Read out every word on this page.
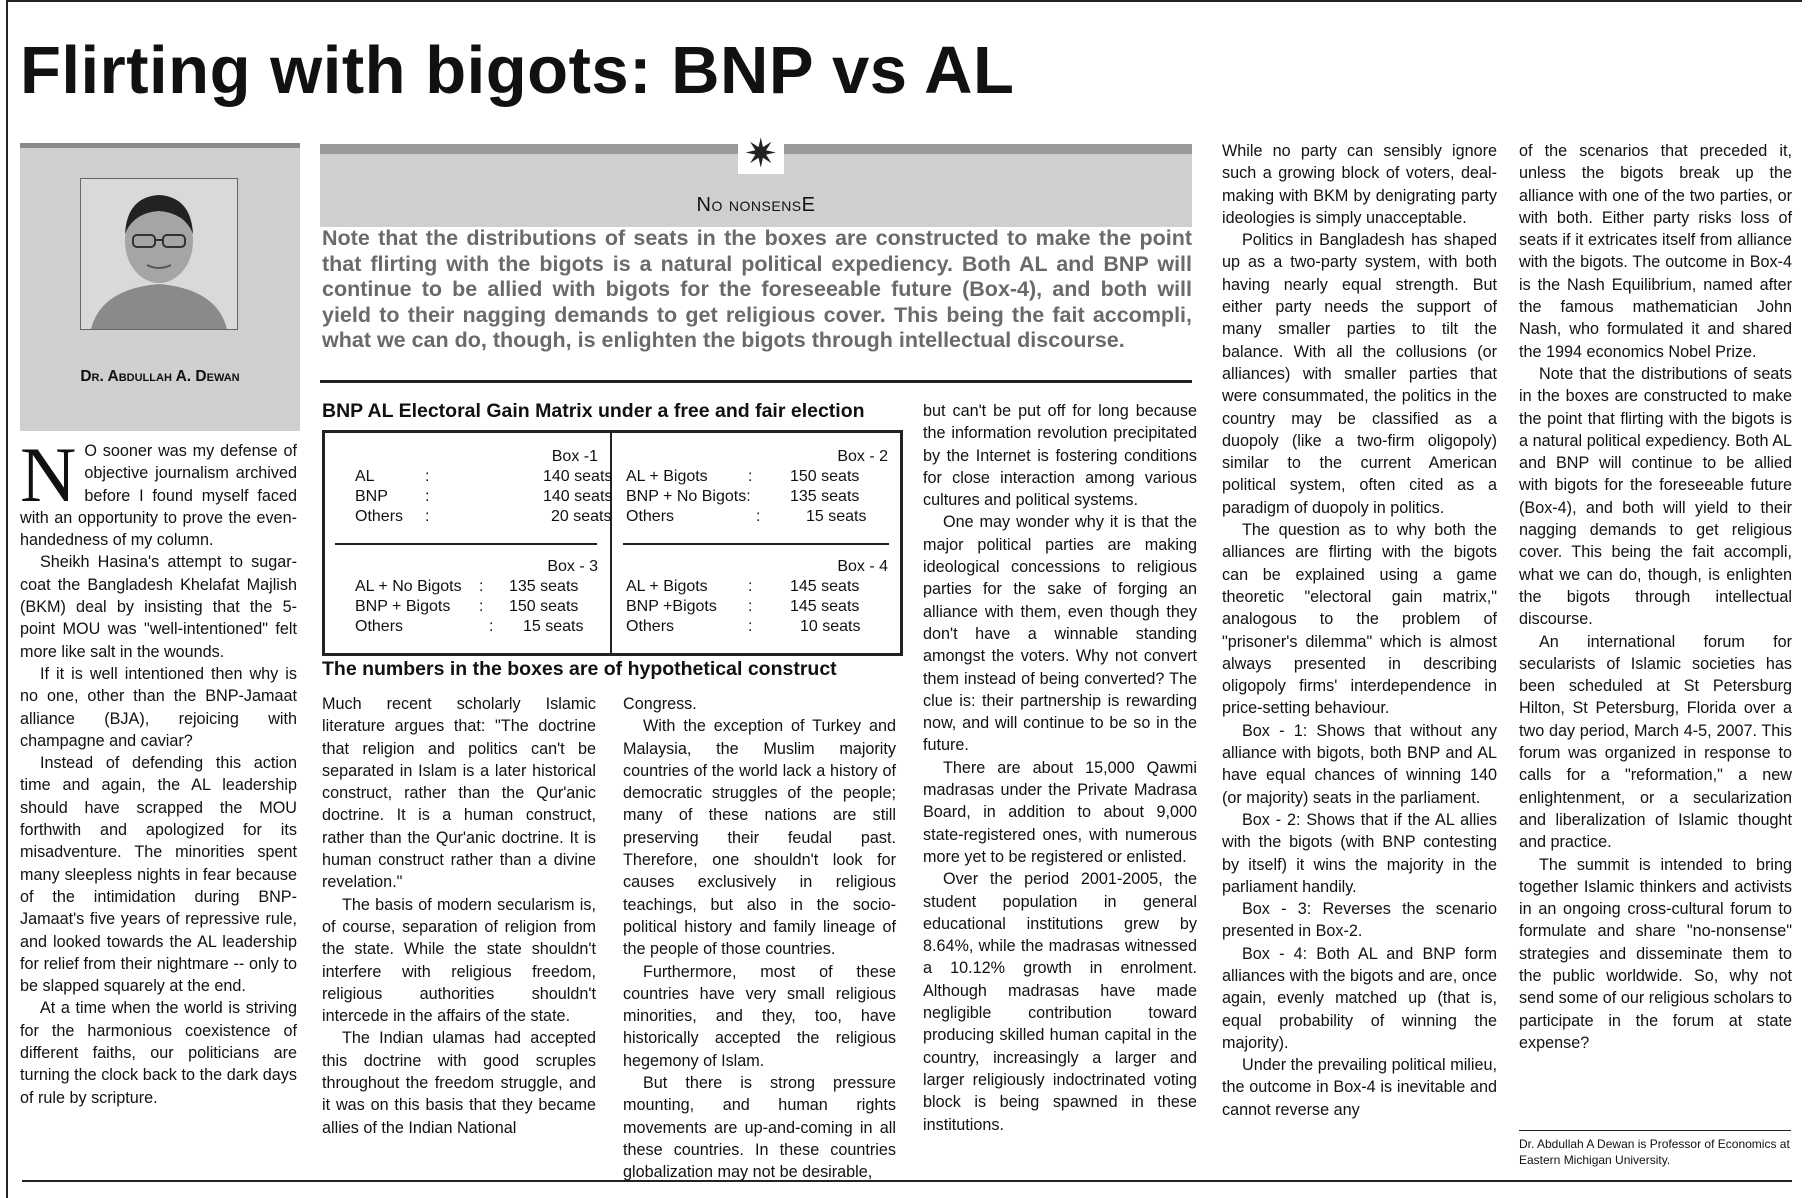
Flirting with bigots: BNP vs AL
Dr. Abdullah A. Dewan
N O sooner was my defense of objective journalism archived before I found myself faced with an opportunity to prove the even-handedness of my column.

Sheikh Hasina's attempt to sugar-coat the Bangladesh Khelafat Majlish (BKM) deal by insisting that the 5-point MOU was "well-intentioned" felt more like salt in the wounds.

If it is well intentioned then why is no one, other than the BNP-Jamaat alliance (BJA), rejoicing with champagne and caviar?

Instead of defending this action time and again, the AL leadership should have scrapped the MOU forthwith and apologized for its misadventure. The minorities spent many sleepless nights in fear because of the intimidation during BNP-Jamaat's five years of repressive rule, and looked towards the AL leadership for relief from their nightmare -- only to be slapped squarely at the end.

At a time when the world is striving for the harmonious coexistence of different faiths, our politicians are turning the clock back to the dark days of rule by scripture.

✷
No nonsensE

Note that the distributions of seats in the boxes are constructed to make the point that flirting with the bigots is a natural political expediency. Both AL and BNP will continue to be allied with bigots for the foreseeable future (Box-4), and both will yield to their nagging demands to get religious cover. This being the fait accompli, what we can do, though, is enlighten the bigots through intellectual discourse.

BNP AL Electoral Gain Matrix under a free and fair election

Box -1
AL	:	140 seats
BNP :	140 seats
Others :	20 seats
Box - 2
AL + Bigots	: 150 seats
BNP + No Bigots: 135 seats
Others	:	15 seats
Box - 3
AL + No Bigots : 135 seats
BNP + Bigots : 150 seats
Others	: 15 seats
Box - 4
AL + Bigots	: 145 seats
BNP +Bigots : 145 seats
Others	:	10 seats

The numbers in the boxes are of hypothetical construct

Much recent scholarly Islamic literature argues that: "The doctrine that religion and politics can't be separated in Islam is a later historical construct, rather than the Qur'anic doctrine. It is a human construct, rather than the Qur'anic doctrine. It is human construct rather than a divine revelation."

The basis of modern secularism is, of course, separation of religion from the state. While the state shouldn't interfere with religious freedom, religious authorities shouldn't intercede in the affairs of the state.

The Indian ulamas had accepted this doctrine with good scruples throughout the freedom struggle, and it was on this basis that they became allies of the Indian National

Congress.

With the exception of Turkey and Malaysia, the Muslim majority countries of the world lack a history of democratic struggles of the people; many of these nations are still preserving their feudal past. Therefore, one shouldn't look for causes exclusively in religious teachings, but also in the socio-political history and family lineage of the people of those countries.

Furthermore, most of these countries have very small religious minorities, and they, too, have historically accepted the religious hegemony of Islam.

But there is strong pressure mounting, and human rights movements are up-and-coming in all these countries. In these countries globalization may not be desirable,

but can't be put off for long because the information revolution precipitated by the Internet is fostering conditions for close interaction among various cultures and political systems.

One may wonder why it is that the major political parties are making ideological concessions to religious parties for the sake of forging an alliance with them, even though they don't have a winnable standing amongst the voters. Why not convert them instead of being converted? The clue is: their partnership is rewarding now, and will continue to be so in the future.

There are about 15,000 Qawmi madrasas under the Private Madrasa Board, in addition to about 9,000 state-registered ones, with numerous more yet to be registered or enlisted.

Over the period 2001-2005, the student population in general educational institutions grew by 8.64%, while the madrasas witnessed a 10.12% growth in enrolment. Although madrasas have made negligible contribution toward producing skilled human capital in the country, increasingly a larger and larger religiously indoctrinated voting block is being spawned in these institutions.

While no party can sensibly ignore such a growing block of voters, deal-making with BKM by denigrating party ideologies is simply unacceptable.

Politics in Bangladesh has shaped up as a two-party system, with both having nearly equal strength. But either party needs the support of many smaller parties to tilt the balance. With all the collusions (or alliances) with smaller parties that were consummated, the politics in the country may be classified as a duopoly (like a two-firm oligopoly) similar to the current American political system, often cited as a paradigm of duopoly in politics.

The question as to why both the alliances are flirting with the bigots can be explained using a game theoretic "electoral gain matrix," analogous to the problem of "prisoner's dilemma" which is almost always presented in describing oligopoly firms' interdependence in price-setting behaviour.

Box - 1: Shows that without any alliance with bigots, both BNP and AL have equal chances of winning 140 (or majority) seats in the parliament.

Box - 2: Shows that if the AL allies with the bigots (with BNP contesting by itself) it wins the majority in the parliament handily.

Box - 3: Reverses the scenario presented in Box-2.

Box - 4: Both AL and BNP form alliances with the bigots and are, once again, evenly matched up (that is, equal probability of winning the majority).

Under the prevailing political milieu, the outcome in Box-4 is inevitable and cannot reverse any

of the scenarios that preceded it, unless the bigots break up the alliance with one of the two parties, or with both. Either party risks loss of seats if it extricates itself from alliance with the bigots. The outcome in Box-4 is the Nash Equilibrium, named after the famous mathematician John Nash, who formulated it and shared the 1994 economics Nobel Prize.

Note that the distributions of seats in the boxes are constructed to make the point that flirting with the bigots is a natural political expediency. Both AL and BNP will continue to be allied with bigots for the foreseeable future (Box-4), and both will yield to their nagging demands to get religious cover. This being the fait accompli, what we can do, though, is enlighten the bigots through intellectual discourse.

An international forum for secularists of Islamic societies has been scheduled at St Petersburg Hilton, St Petersburg, Florida over a two day period, March 4-5, 2007. This forum was organized in response to calls for a "reformation," a new enlightenment, or a secularization and liberalization of Islamic thought and practice.

The summit is intended to bring together Islamic thinkers and activists in an ongoing cross-cultural forum to formulate and share "no-nonsense" strategies and disseminate them to the public worldwide. So, why not send some of our religious scholars to participate in the forum at state expense?

Dr. Abdullah A Dewan is Professor of Economics at Eastern Michigan University.
